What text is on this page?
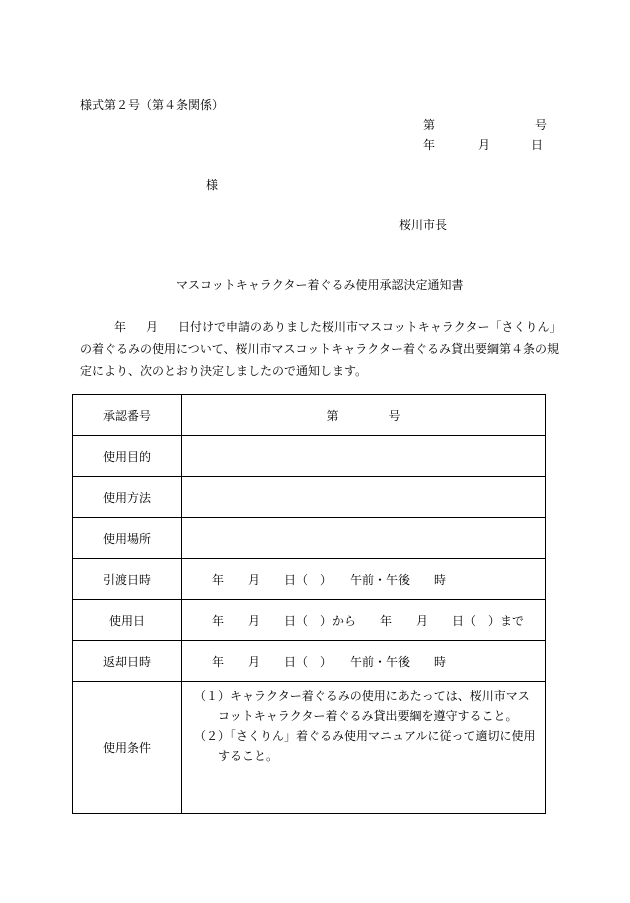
様式第２号（第４条関係）
第	号
年	月	日
様
桜川市長
マスコットキャラクター着ぐるみ使用承認決定通知書

年 月 日付けで申請のありました桜川市マスコットキャラクター「さくりん」

の着ぐるみの使用について、桜川市マスコットキャラクター着ぐるみ貸出要綱第４条の規

定により、次のとおり決定しましたので通知します。

承認番号	第 号
使用目的	
使用方法	
使用場所	
引渡日時	年　　月　　日（　）　　午前・午後　　時
使用日	年　　月　　日（　）から　　年　　月　　日（　）まで
返却日時	年　　月　　日（　）　　午前・午後　　時
使用条件	（１）キャラクター着ぐるみの使用にあたっては、桜川市マスコットキャラクター着ぐるみ貸出要綱を遵守すること。
（２）「さくりん」着ぐるみ使用マニュアルに従って適切に使用すること。
